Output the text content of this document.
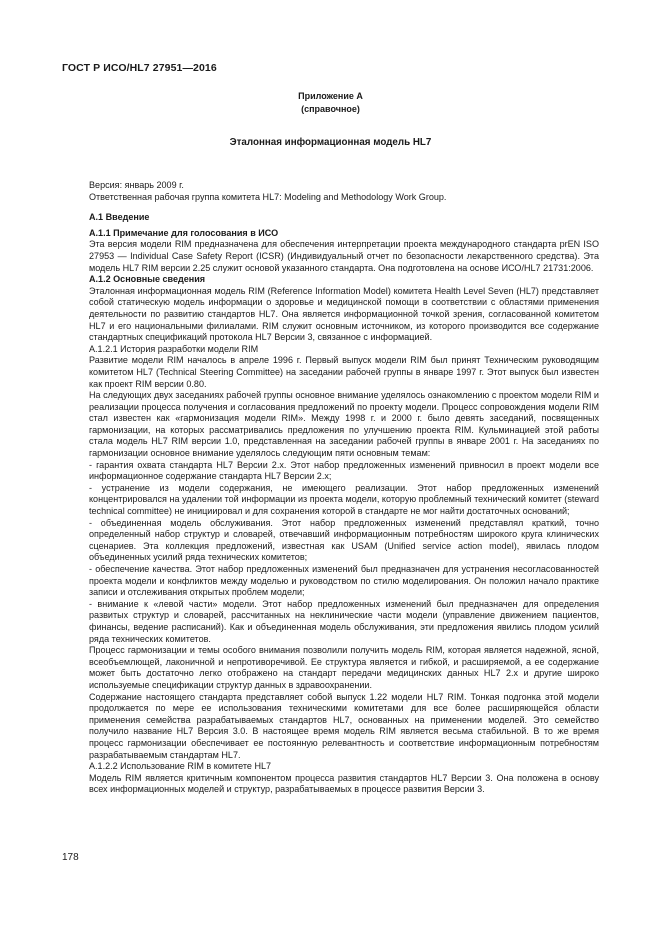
ГОСТ Р ИСО/HL7 27951—2016
Приложение А
(справочное)
Эталонная информационная модель HL7

Версия: январь 2009 г.

Ответственная рабочая группа комитета HL7: Modeling and Methodology Work Group.

А.1 Введение

А.1.1 Примечание для голосования в ИСО

Эта версия модели RIM предназначена для обеспечения интерпретации проекта международного стандарта prEN ISO 27953 — Individual Case Safety Report (ICSR) (Индивидуальный отчет по безопасности лекарственного средства). Эта модель HL7 RIM версии 2.25 служит основой указанного стандарта. Она подготовлена на основе ИСО/HL7 21731:2006.

А.1.2 Основные сведения

Эталонная информационная модель RIM (Reference Information Model) комитета Health Level Seven (HL7) представляет собой статическую модель информации о здоровье и медицинской помощи в соответствии с областями применения деятельности по развитию стандартов HL7. Она является информационной точкой зрения, согласованной комитетом HL7 и его национальными филиалами. RIM служит основным источником, из которого производится все содержание стандартных спецификаций протокола HL7 Версии 3, связанное с информацией.

А.1.2.1 История разработки модели RIM

Развитие модели RIM началось в апреле 1996 г. Первый выпуск модели RIM был принят Техническим руководящим комитетом HL7 (Technical Steering Committee) на заседании рабочей группы в январе 1997 г. Этот выпуск был известен как проект RIM версии 0.80.

На следующих двух заседаниях рабочей группы основное внимание уделялось ознакомлению с проектом модели RIM и реализации процесса получения и согласования предложений по проекту модели. Процесс сопровождения модели RIM стал известен как «гармонизация модели RIM». Между 1998 г. и 2000 г. было девять заседаний, посвященных гармонизации, на которых рассматривались предложения по улучшению проекта RIM. Кульминацией этой работы стала модель HL7 RIM версии 1.0, представленная на заседании рабочей группы в январе 2001 г. На заседаниях по гармонизации основное внимание уделялось следующим пяти основным темам:

- гарантия охвата стандарта HL7 Версии 2.х. Этот набор предложенных изменений привносил в проект модели все информационное содержание стандарта HL7 Версии 2.х;

- устранение из модели содержания, не имеющего реализации. Этот набор предложенных изменений концентрировался на удалении той информации из проекта модели, которую проблемный технический комитет (steward technical committee) не инициировал и для сохранения которой в стандарте не мог найти достаточных оснований;

- объединенная модель обслуживания. Этот набор предложенных изменений представлял краткий, точно определенный набор структур и словарей, отвечавший информационным потребностям широкого круга клинических сценариев. Эта коллекция предложений, известная как USAM (Unified service action model), явилась плодом объединенных усилий ряда технических комитетов;

- обеспечение качества. Этот набор предложенных изменений был предназначен для устранения несогласованностей проекта модели и конфликтов между моделью и руководством по стилю моделирования. Он положил начало практике записи и отслеживания открытых проблем модели;

- внимание к «левой части» модели. Этот набор предложенных изменений был предназначен для определения развитых структур и словарей, рассчитанных на неклинические части модели (управление движением пациентов, финансы, ведение расписаний). Как и объединенная модель обслуживания, эти предложения явились плодом усилий ряда технических комитетов.

Процесс гармонизации и темы особого внимания позволили получить модель RIM, которая является надежной, ясной, всеобъемлющей, лаконичной и непротиворечивой. Ее структура является и гибкой, и расширяемой, а ее содержание может быть достаточно легко отображено на стандарт передачи медицинских данных HL7 2.х и другие широко используемые спецификации структур данных в здравоохранении.

Содержание настоящего стандарта представляет собой выпуск 1.22 модели HL7 RIM. Тонкая подгонка этой модели продолжается по мере ее использования техническими комитетами для все более расширяющейся области применения семейства разрабатываемых стандартов HL7, основанных на применении моделей. Это семейство получило название HL7 Версия 3.0. В настоящее время модель RIM является весьма стабильной. В то же время процесс гармонизации обеспечивает ее постоянную релевантность и соответствие информационным потребностям разрабатываемым стандартам HL7.

А.1.2.2 Использование RIM в комитете HL7

Модель RIM является критичным компонентом процесса развития стандартов HL7 Версии 3. Она положена в основу всех информационных моделей и структур, разрабатываемых в процессе развития Версии 3.

178
